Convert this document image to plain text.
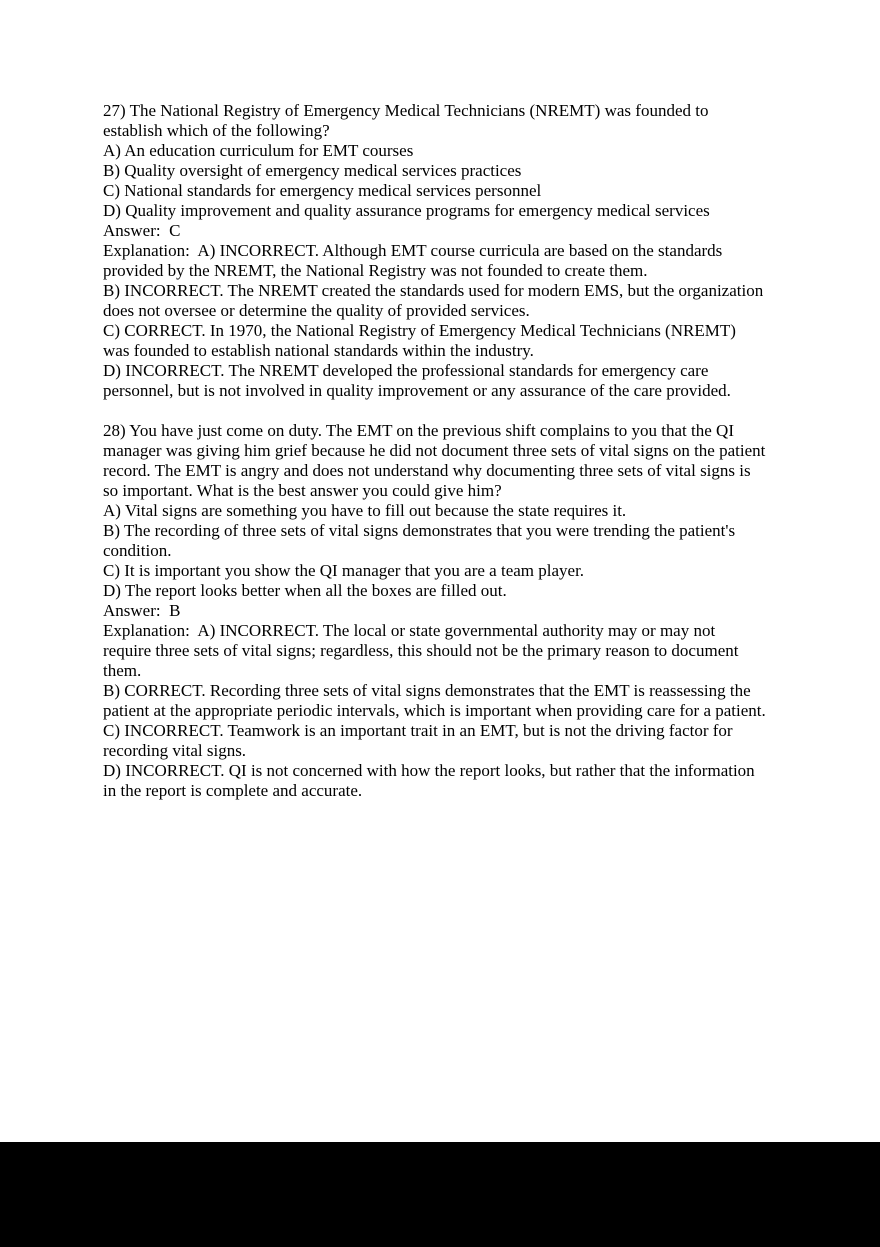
27) The National Registry of Emergency Medical Technicians (NREMT) was founded to
establish which of the following?
A) An education curriculum for EMT courses
B) Quality oversight of emergency medical services practices
C) National standards for emergency medical services personnel
D) Quality improvement and quality assurance programs for emergency medical services
Answer:  C
Explanation:  A) INCORRECT. Although EMT course curricula are based on the standards
provided by the NREMT, the National Registry was not founded to create them.
B) INCORRECT. The NREMT created the standards used for modern EMS, but the organization
does not oversee or determine the quality of provided services.
C) CORRECT. In 1970, the National Registry of Emergency Medical Technicians (NREMT)
was founded to establish national standards within the industry.
D) INCORRECT. The NREMT developed the professional standards for emergency care
personnel, but is not involved in quality improvement or any assurance of the care provided.
28) You have just come on duty. The EMT on the previous shift complains to you that the QI
manager was giving him grief because he did not document three sets of vital signs on the patient
record. The EMT is angry and does not understand why documenting three sets of vital signs is
so important. What is the best answer you could give him?
A) Vital signs are something you have to fill out because the state requires it.
B) The recording of three sets of vital signs demonstrates that you were trending the patient's
condition.
C) It is important you show the QI manager that you are a team player.
D) The report looks better when all the boxes are filled out.
Answer:  B
Explanation:  A) INCORRECT. The local or state governmental authority may or may not
require three sets of vital signs; regardless, this should not be the primary reason to document
them.
B) CORRECT. Recording three sets of vital signs demonstrates that the EMT is reassessing the
patient at the appropriate periodic intervals, which is important when providing care for a patient.
C) INCORRECT. Teamwork is an important trait in an EMT, but is not the driving factor for
recording vital signs.
D) INCORRECT. QI is not concerned with how the report looks, but rather that the information
in the report is complete and accurate.
